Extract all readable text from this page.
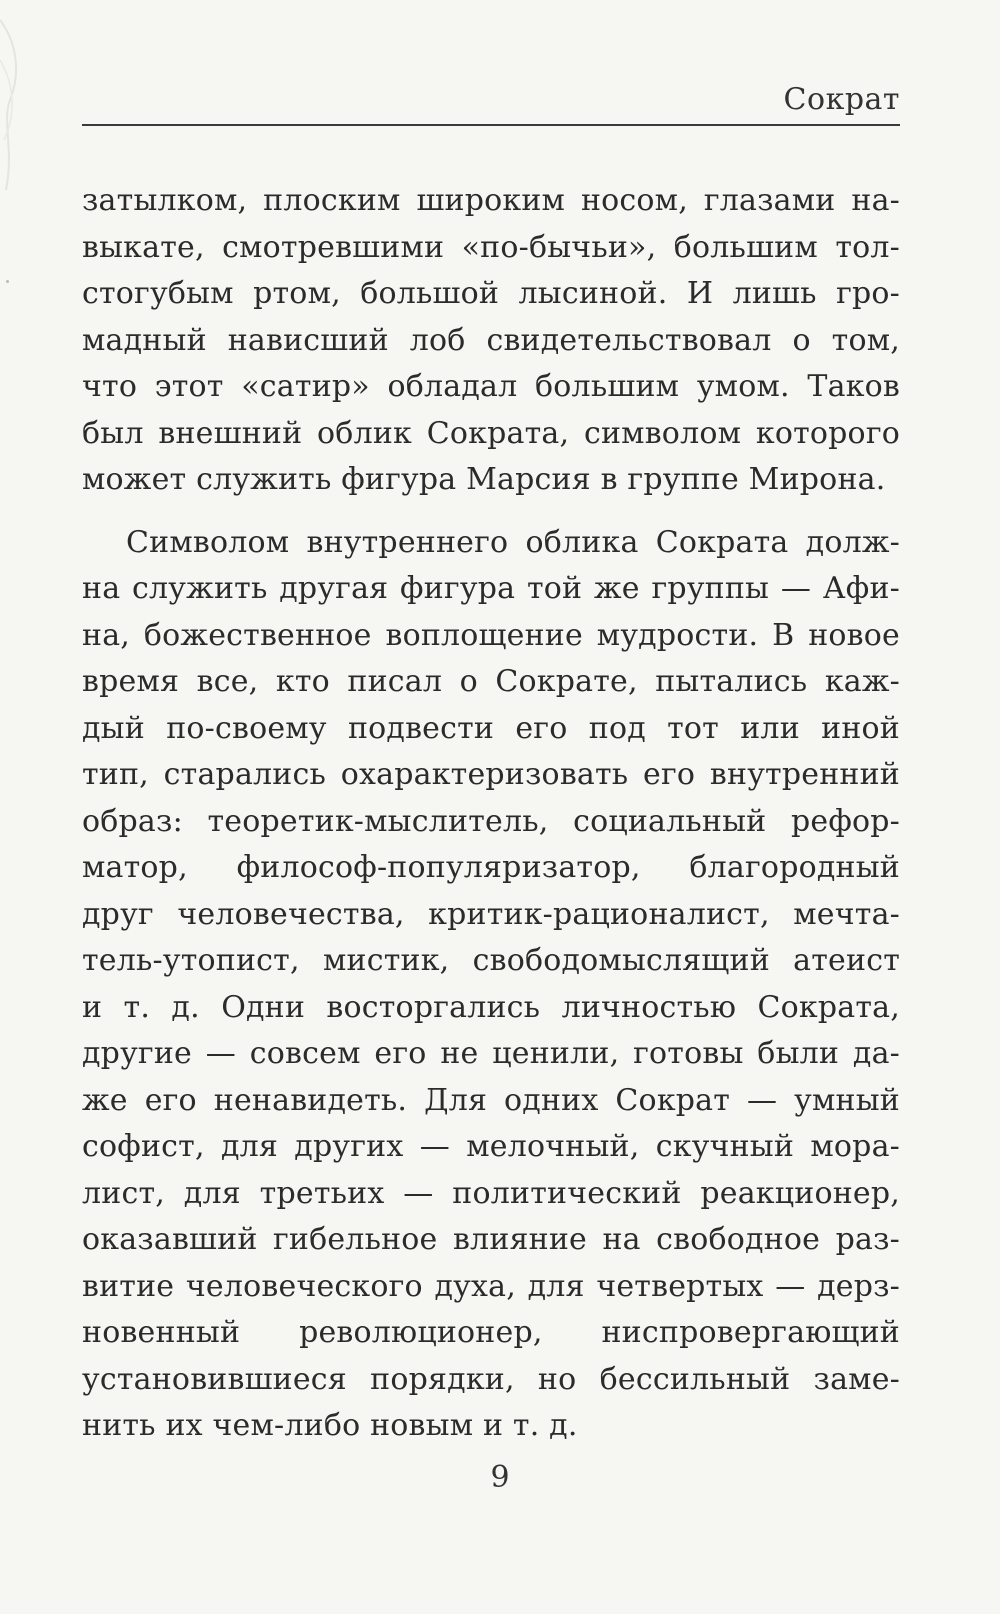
Сократ

затылком, плоским широким носом, глазами на-
выкате, смотревшими «по-бычьи», большим тол-
стогубым ртом, большой лысиной. И лишь гро-
мадный нависший лоб свидетельствовал о том,
что этот «сатир» обладал большим умом. Таков
был внешний облик Сократа, символом которого
может служить фигура Марсия в группе Мирона.

Символом внутреннего облика Сократа долж-
на служить другая фигура той же группы — Афи-
на, божественное воплощение мудрости. В новое
время все, кто писал о Сократе, пытались каж-
дый по-своему подвести его под тот или иной
тип, старались охарактеризовать его внутренний
образ: теоретик-мыслитель, социальный рефор-
матор, философ-популяризатор, благородный
друг человечества, критик-рационалист, мечта-
тель-утопист, мистик, свободомыслящий атеист
и т. д. Одни восторгались личностью Сократа,
другие — совсем его не ценили, готовы были да-
же его ненавидеть. Для одних Сократ — умный
софист, для других — мелочный, скучный мора-
лист, для третьих — политический реакционер,
оказавший гибельное влияние на свободное раз-
витие человеческого духа, для четвертых — дерз-
новенный революционер, ниспровергающий
установившиеся порядки, но бессильный заме-
нить их чем-либо новым и т. д.

9
